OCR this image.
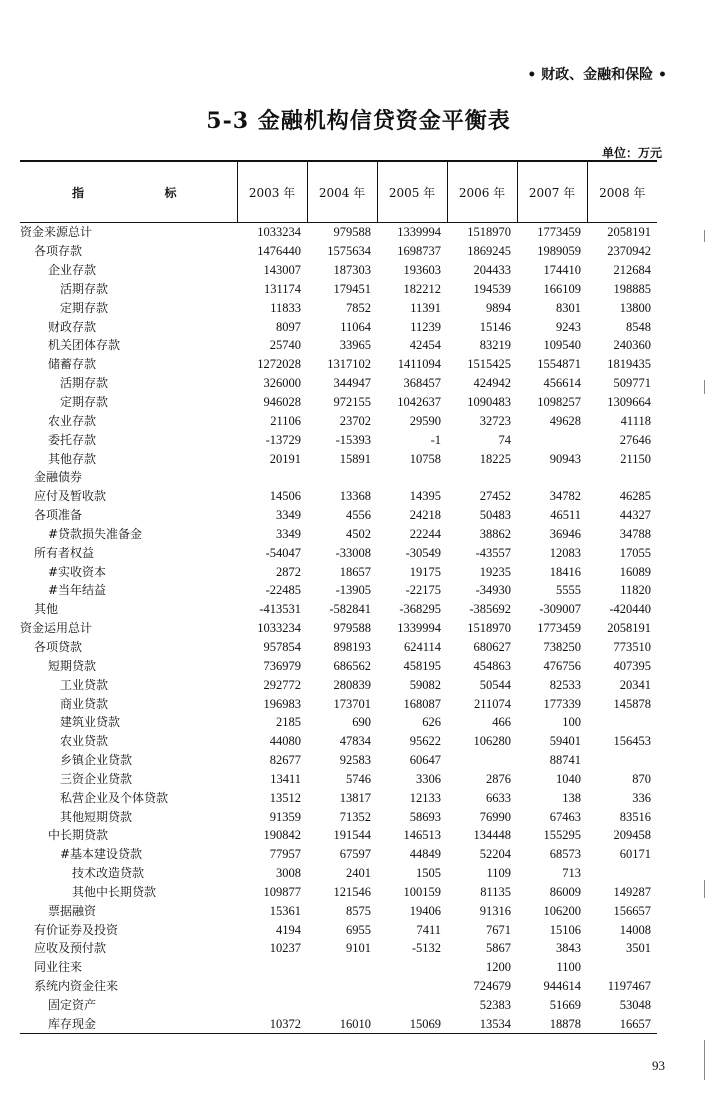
• 财政、金融和保险 •
5-3 金融机构信贷资金平衡表
单位：万元
指 标	2003 年	2004 年	2005 年	2006 年	2007 年	2008 年
资金来源总计	1033234	979588	1339994	1518970	1773459	2058191
各项存款	1476440	1575634	1698737	1869245	1989059	2370942
企业存款	143007	187303	193603	204433	174410	212684
活期存款	131174	179451	182212	194539	166109	198885
定期存款	11833	7852	11391	9894	8301	13800
财政存款	8097	11064	11239	15146	9243	8548
机关团体存款	25740	33965	42454	83219	109540	240360
储蓄存款	1272028	1317102	1411094	1515425	1554871	1819435
活期存款	326000	344947	368457	424942	456614	509771
定期存款	946028	972155	1042637	1090483	1098257	1309664
农业存款	21106	23702	29590	32723	49628	41118
委托存款	-13729	-15393	-1	74		27646
其他存款	20191	15891	10758	18225	90943	21150
金融债券						
应付及暂收款	14506	13368	14395	27452	34782	46285
各项准备	3349	4556	24218	50483	46511	44327
#贷款损失准备金	3349	4502	22244	38862	36946	34788
所有者权益	-54047	-33008	-30549	-43557	12083	17055
#实收资本	2872	18657	19175	19235	18416	16089
#当年结益	-22485	-13905	-22175	-34930	5555	11820
其他	-413531	-582841	-368295	-385692	-309007	-420440
资金运用总计	1033234	979588	1339994	1518970	1773459	2058191
各项贷款	957854	898193	624114	680627	738250	773510
短期贷款	736979	686562	458195	454863	476756	407395
工业贷款	292772	280839	59082	50544	82533	20341
商业贷款	196983	173701	168087	211074	177339	145878
建筑业贷款	2185	690	626	466	100	
农业贷款	44080	47834	95622	106280	59401	156453
乡镇企业贷款	82677	92583	60647		88741	
三资企业贷款	13411	5746	3306	2876	1040	870
私营企业及个体贷款	13512	13817	12133	6633	138	336
其他短期贷款	91359	71352	58693	76990	67463	83516
中长期贷款	190842	191544	146513	134448	155295	209458
#基本建设贷款	77957	67597	44849	52204	68573	60171
技术改造贷款	3008	2401	1505	1109	713	
其他中长期贷款	109877	121546	100159	81135	86009	149287
票据融资	15361	8575	19406	91316	106200	156657
有价证券及投资	4194	6955	7411	7671	15106	14008
应收及预付款	10237	9101	-5132	5867	3843	3501
同业往来				1200	1100	
系统内资金往来				724679	944614	1197467
固定资产				52383	51669	53048
库存现金	10372	16010	15069	13534	18878	16657
93
